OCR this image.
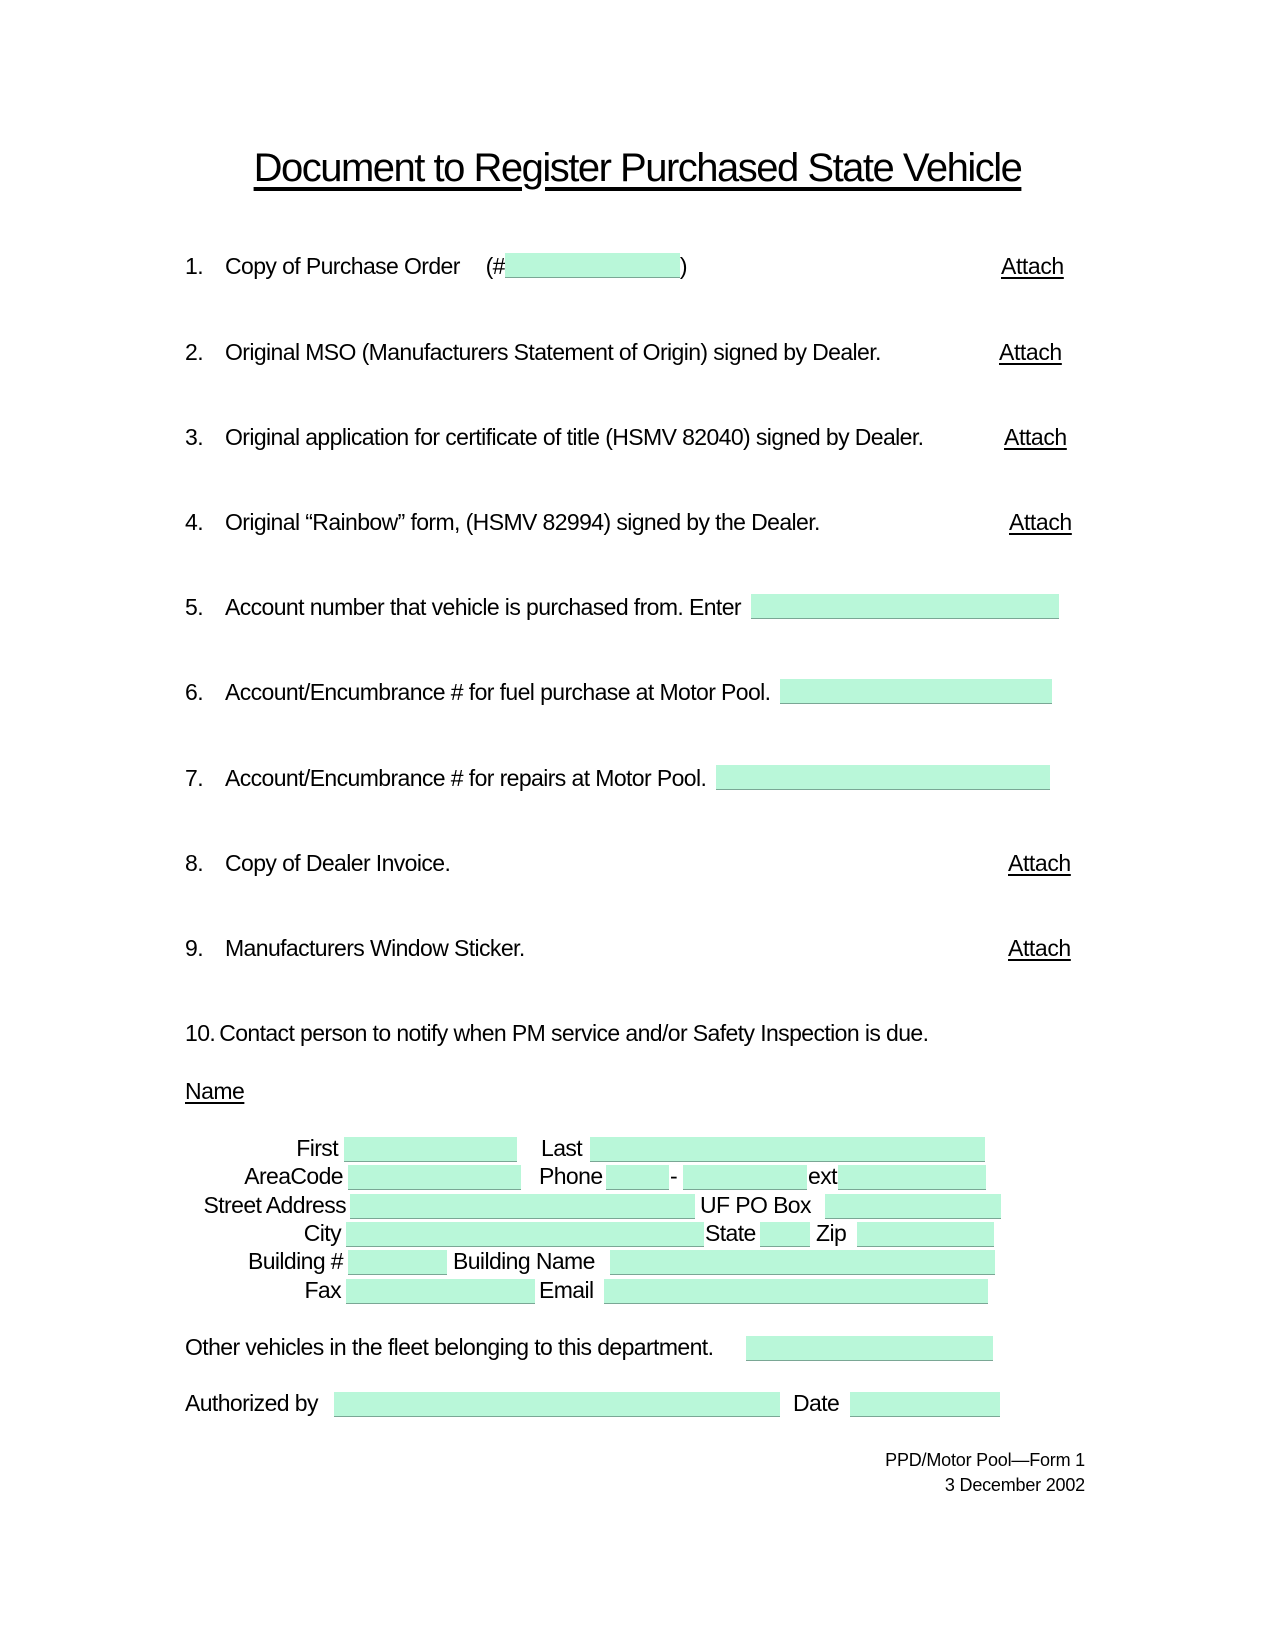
Document to Register Purchased State Vehicle
1. Copy of Purchase Order (#	)	Attach
2. Original MSO (Manufacturers Statement of Origin) signed by Dealer.	Attach
3. Original application for certificate of title (HSMV 82040) signed by Dealer.	Attach
4. Original “Rainbow” form, (HSMV 82994) signed by the Dealer.	Attach
5. Account number that vehicle is purchased from. Enter
6. Account/Encumbrance # for fuel purchase at Motor Pool.
7. Account/Encumbrance # for repairs at Motor Pool.
8. Copy of Dealer Invoice.	Attach
9. Manufacturers Window Sticker.	Attach
10. Contact person to notify when PM service and/or Safety Inspection is due.
Name
First	Last
AreaCode	Phone	-	ext
Street Address	UF PO Box
City	State	Zip
Building #	Building Name
Fax	Email
Other vehicles in the fleet belonging to this department.
Authorized by	Date
PPD/Motor Pool—Form 1
3 December 2002
